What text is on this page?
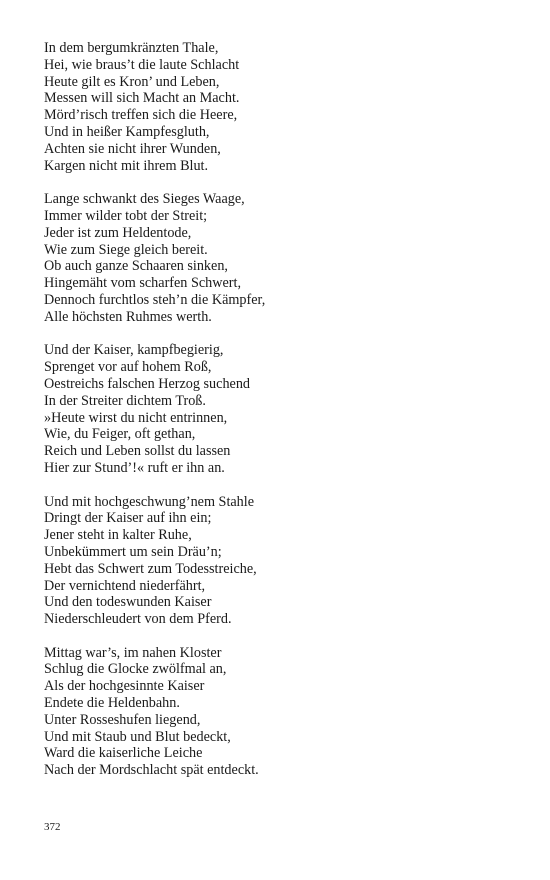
In dem bergumkränzten Thale,
Hei, wie braus’t die laute Schlacht
Heute gilt es Kron’ und Leben,
Messen will sich Macht an Macht.
Mörd’risch treffen sich die Heere,
Und in heißer Kampfesgluth,
Achten sie nicht ihrer Wunden,
Kargen nicht mit ihrem Blut.
Lange schwankt des Sieges Waage,
Immer wilder tobt der Streit;
Jeder ist zum Heldentode,
Wie zum Siege gleich bereit.
Ob auch ganze Schaaren sinken,
Hingemäht vom scharfen Schwert,
Dennoch furchtlos steh’n die Kämpfer,
Alle höchsten Ruhmes werth.
Und der Kaiser, kampfbegierig,
Sprenget vor auf hohem Roß,
Oestreichs falschen Herzog suchend
In der Streiter dichtem Troß.
»Heute wirst du nicht entrinnen,
Wie, du Feiger, oft gethan,
Reich und Leben sollst du lassen
Hier zur Stund’!« ruft er ihn an.
Und mit hochgeschwung’nem Stahle
Dringt der Kaiser auf ihn ein;
Jener steht in kalter Ruhe,
Unbekümmert um sein Dräu’n;
Hebt das Schwert zum Todesstreiche,
Der vernichtend niederfährt,
Und den todeswunden Kaiser
Niederschleudert von dem Pferd.
Mittag war’s, im nahen Kloster
Schlug die Glocke zwölfmal an,
Als der hochgesinnte Kaiser
Endete die Heldenbahn.
Unter Rosseshufen liegend,
Und mit Staub und Blut bedeckt,
Ward die kaiserliche Leiche
Nach der Mordschlacht spät entdeckt.
372
